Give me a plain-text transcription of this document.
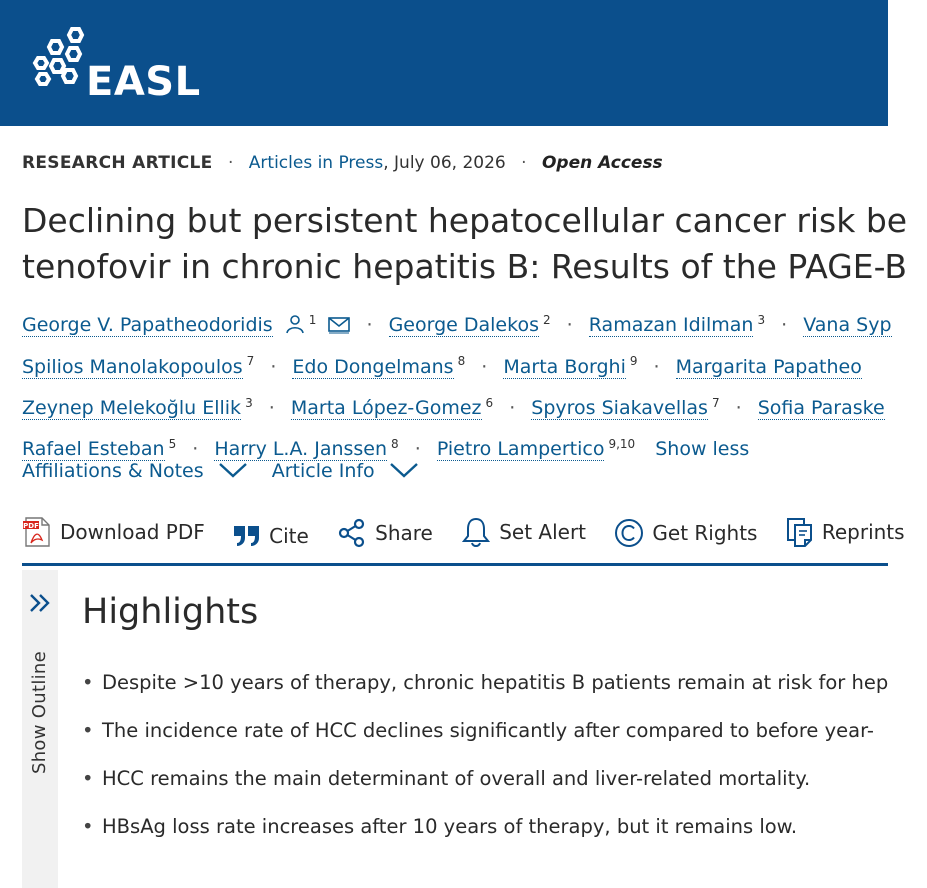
EASL
RESEARCH ARTICLE · Articles in Press, July 06, 2026 · Open Access
Declining but persistent hepatocellular cancer risk be
tenofovir in chronic hepatitis B: Results of the PAGE-B
George V. Papatheodoridis	$^1$	· George Dalekos $^2$ · Ramazan Idilman $^3$ · Vana Syp
Spilios Manolakopoulos $^7$ · Edo Dongelmans $^8$ · Marta Borghi $^9$ · Margarita Papatheo
Zeynep Melekoğlu Ellik $^3$ · Marta López-Gomez $^6$ · Spyros Siakavellas $^7$ · Sofia Paraske
Rafael Esteban $^5$ · Harry L.A. Janssen $^8$ · Pietro Lampertico $^{9,10}$ Show less
Affiliations & Notes	Article Info
PDF Download PDF
	Cite
	Share
	Set Alert
	Get Rights
	Reprints
Show Outline
Highlights
• Despite >10 years of therapy, chronic hepatitis B patients remain at risk for hep
• The incidence rate of HCC declines significantly after compared to before year-
• HCC remains the main determinant of overall and liver-related mortality.
• HBsAg loss rate increases after 10 years of therapy, but it remains low.
